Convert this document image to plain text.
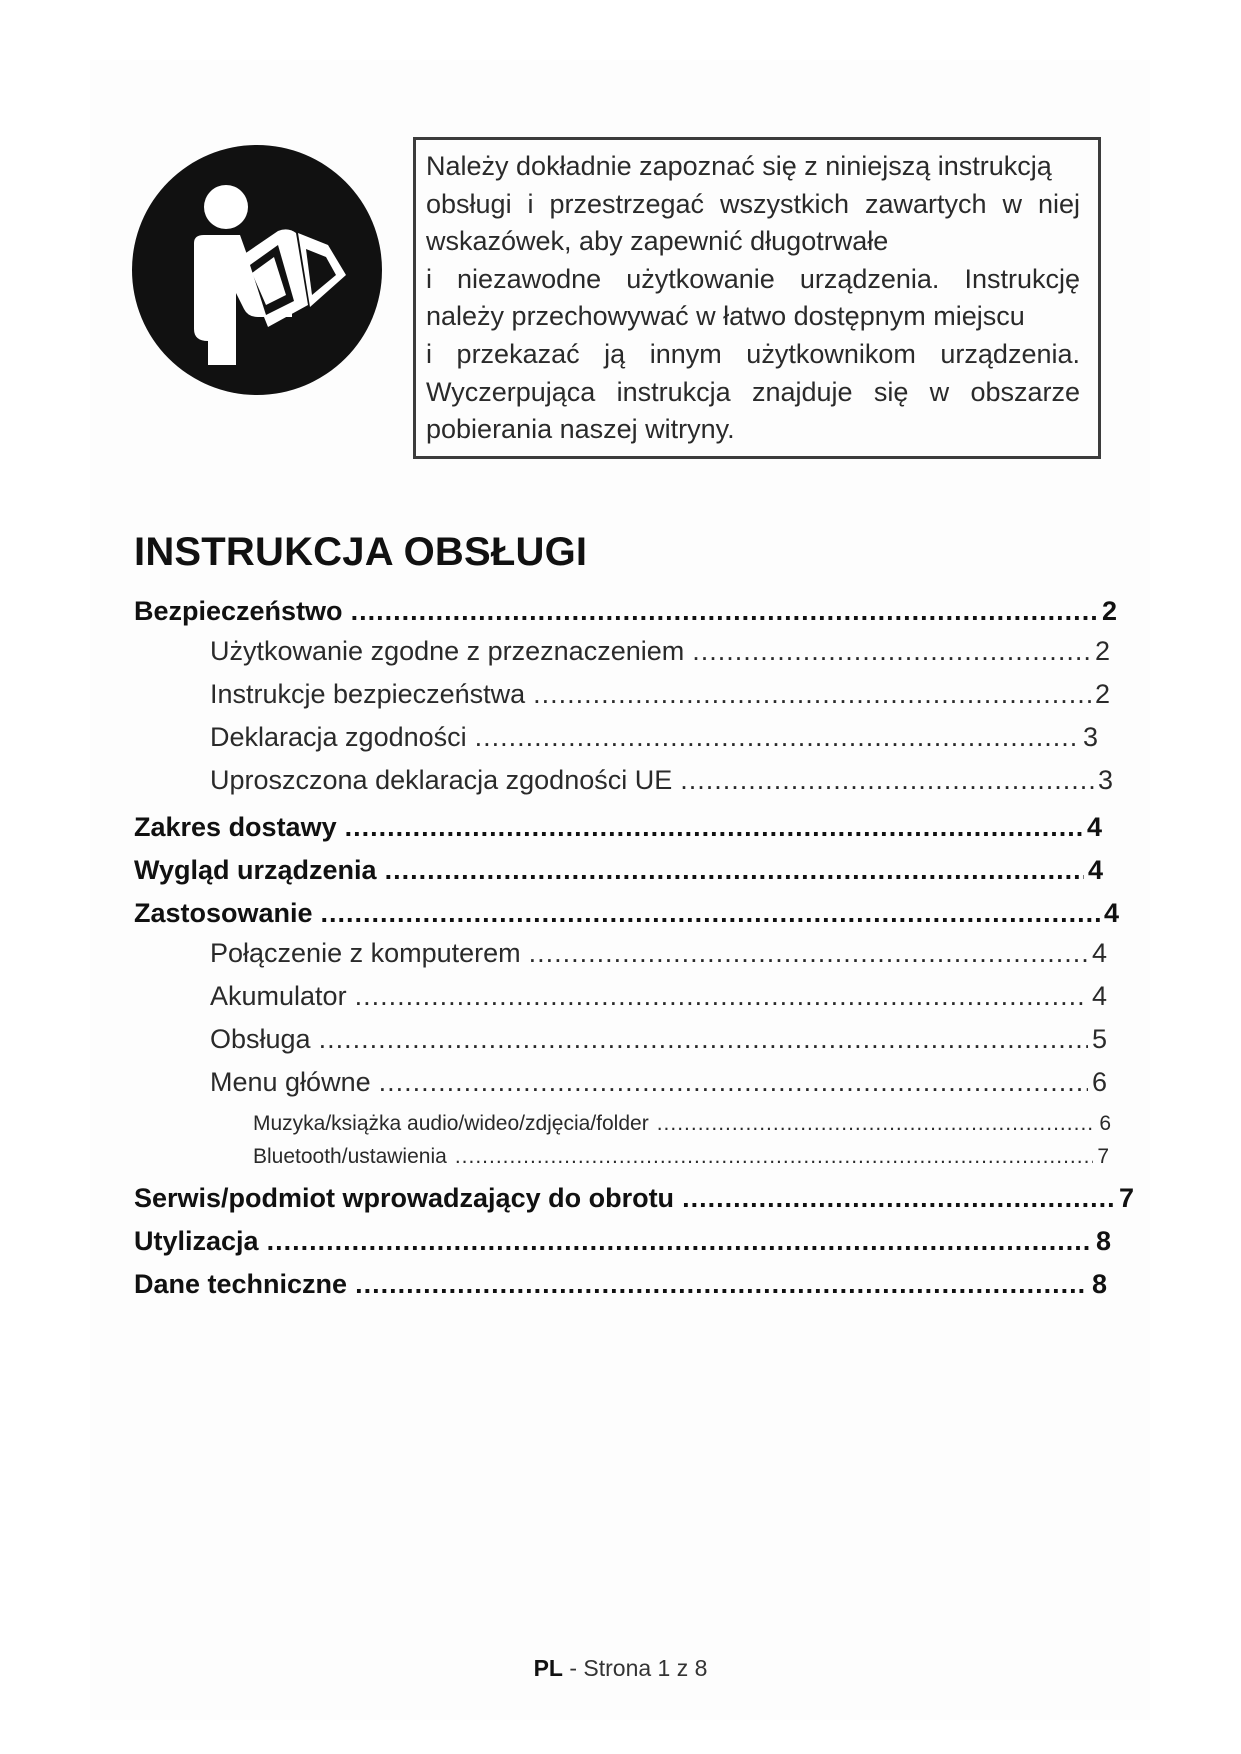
Należy dokładnie zapoznać się z niniejszą instrukcją
obsługi i przestrzegać wszystkich zawartych w niej
wskazówek, aby zapewnić długotrwałe
i niezawodne użytkowanie urządzenia. Instrukcję
należy przechowywać w łatwo dostępnym miejscu
i przekazać ją innym użytkownikom urządzenia.
Wyczerpująca instrukcja znajduje się w obszarze
pobierania naszej witryny.
INSTRUKCJA OBSŁUGI
Bezpieczeństwo .....	2
Użytkowanie zgodne z przeznaczeniem .....	2
Instrukcje bezpieczeństwa .....	2
Deklaracja zgodności .....	3
Uproszczona deklaracja zgodności UE .....	3
Zakres dostawy .....	4
Wygląd urządzenia .....	4
Zastosowanie .....	4
Połączenie z komputerem .....	4
Akumulator .....	4
Obsługa .....	5
Menu główne .....	6
Muzyka/książka audio/wideo/zdjęcia/folder .....	6
Bluetooth/ustawienia .....	7
Serwis/podmiot wprowadzający do obrotu .....	7
Utylizacja .....	8
Dane techniczne .....	8
PL - Strona 1 z 8
